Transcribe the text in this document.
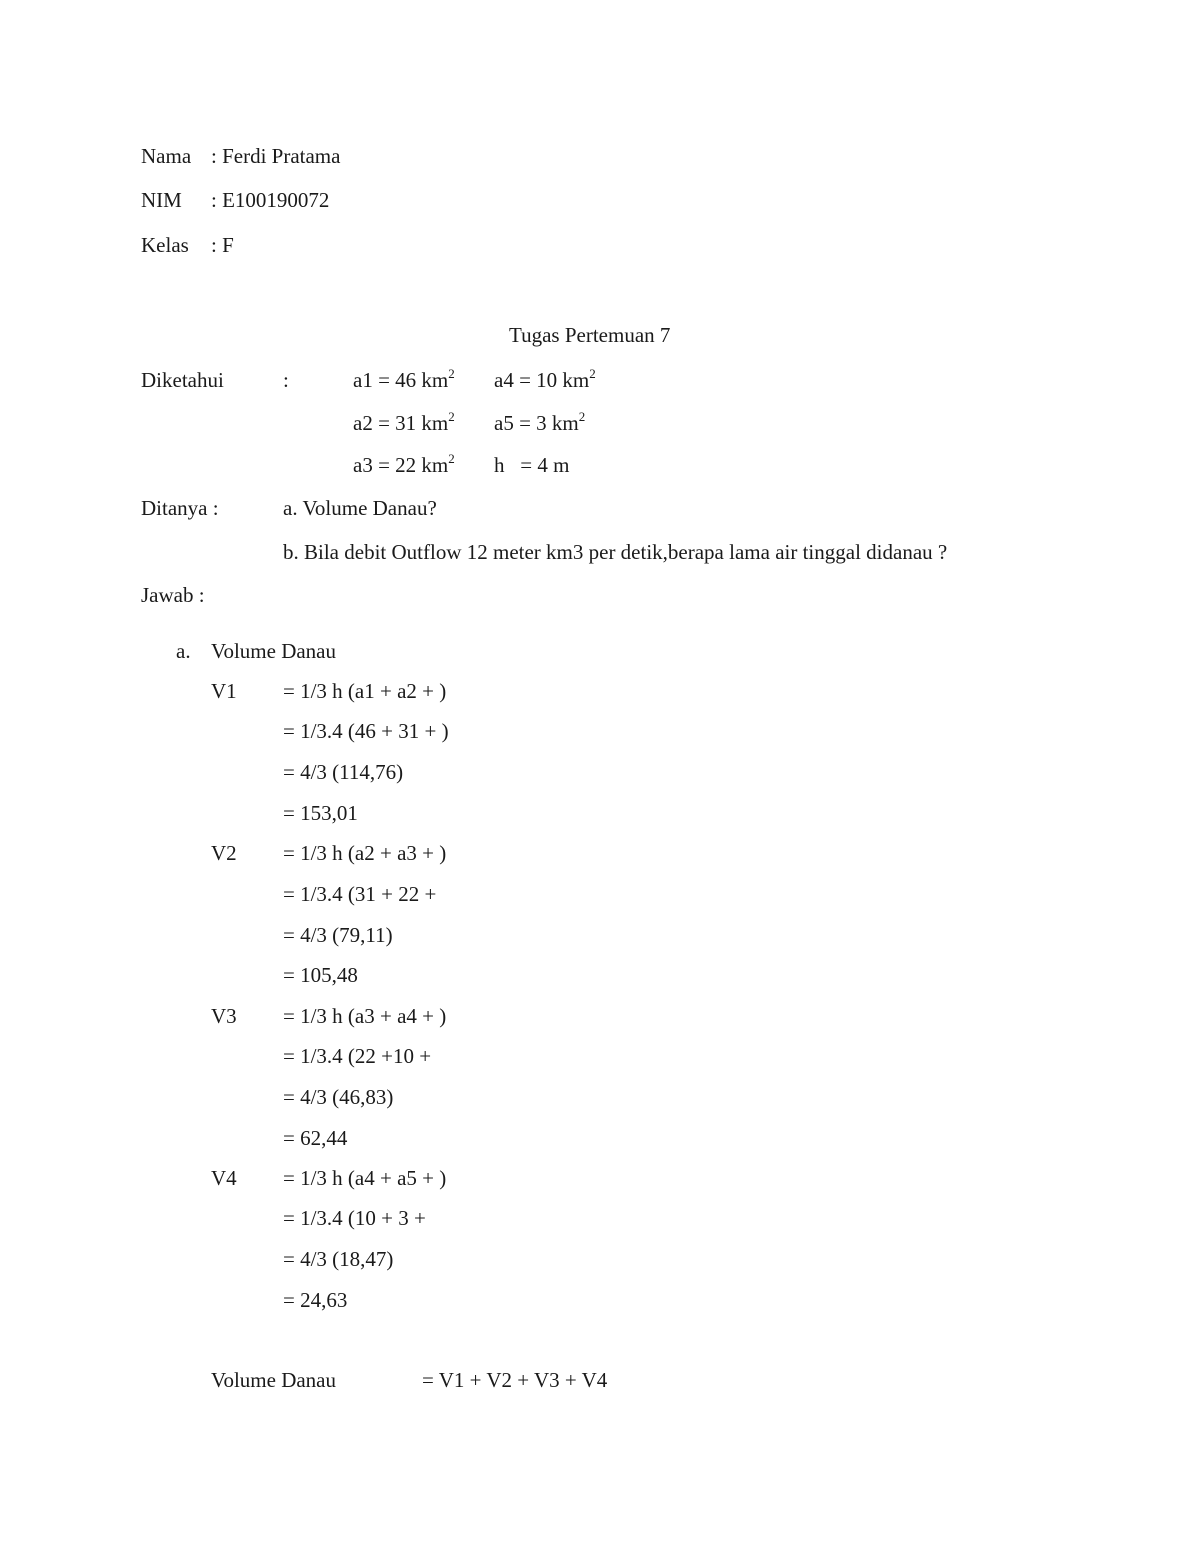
Nama : Ferdi Pratama
NIM : E100190072
Kelas : F
Tugas Pertemuan 7
Diketahui	:	a1 = 46 $km^2$ a4 = 10 $km^2$
a2 = 31 $km^2$ a5 = 3 $km^2$
a3 = 22 $km^2$ h   = 4 m
Ditanya :	a. Volume Danau?
b. Bila debit Outflow 12 meter km3 per detik,berapa lama air tinggal didanau ?
Jawab :
a. Volume Danau
V1 = 1/3 h (a1 + a2 + )
= 1/3.4 (46 + 31 + )
= 4/3 (114,76)
= 153,01
V2 = 1/3 h (a2 + a3 + )
= 1/3.4 (31 + 22 +
= 4/3 (79,11)
= 105,48
V3 = 1/3 h (a3 + a4 + )
= 1/3.4 (22 +10 +
= 4/3 (46,83)
= 62,44
V4 = 1/3 h (a4 + a5 + )
= 1/3.4 (10 + 3 +
= 4/3 (18,47)
= 24,63
Volume Danau	= V1 + V2 + V3 + V4
